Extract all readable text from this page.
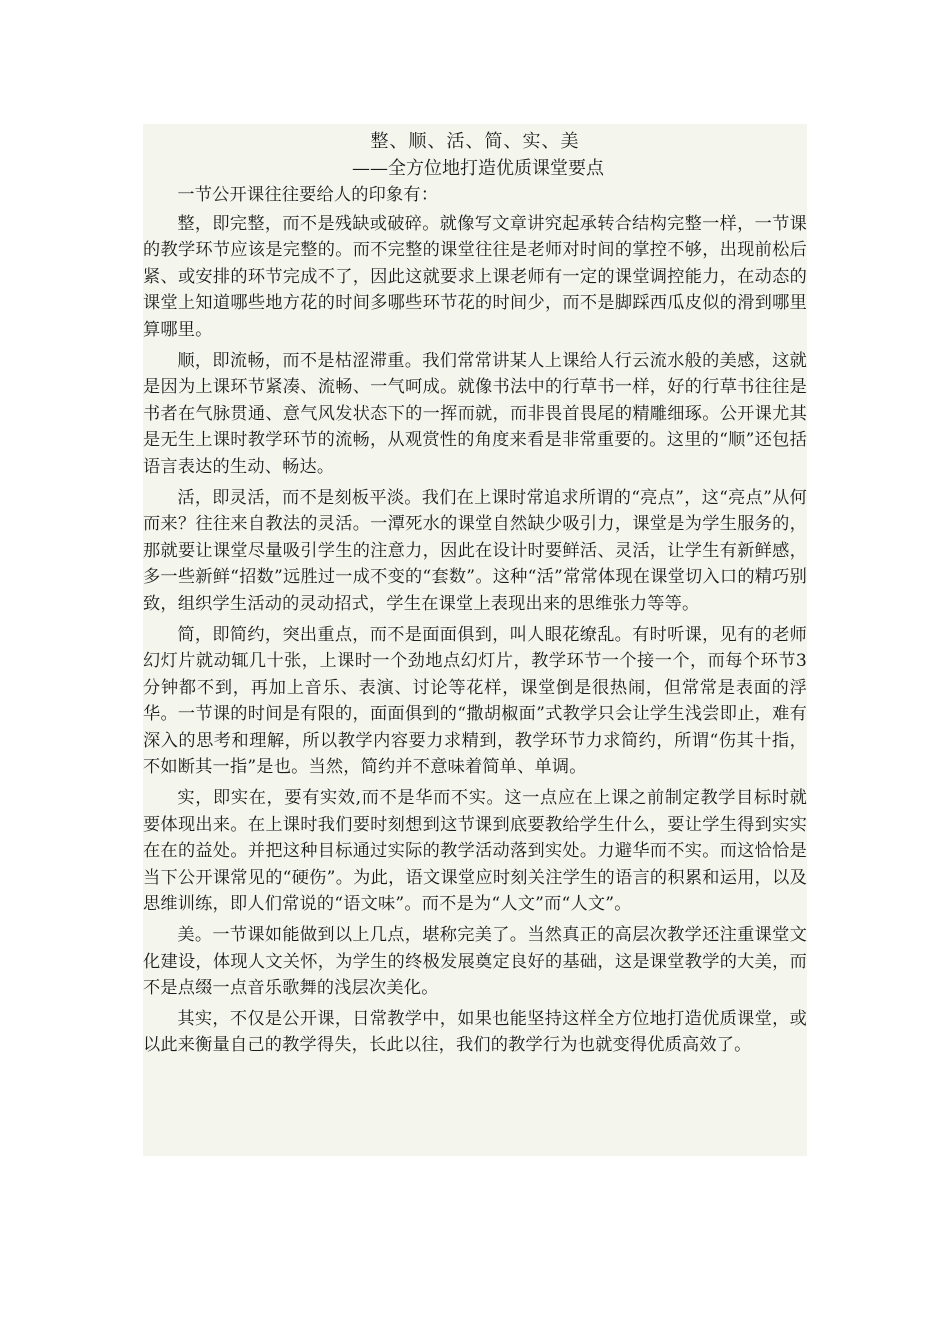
整、顺、活、简、实、美

——全方位地打造优质课堂要点

一节公开课往往要给人的印象有：

整，即完整，而不是残缺或破碎。就像写文章讲究起承转合结构完整一样，一节课的教学环节应该是完整的。而不完整的课堂往往是老师对时间的掌控不够，出现前松后紧、或安排的环节完成不了，因此这就要求上课老师有一定的课堂调控能力，在动态的课堂上知道哪些地方花的时间多哪些环节花的时间少，而不是脚踩西瓜皮似的滑到哪里算哪里。

顺，即流畅，而不是枯涩滞重。我们常常讲某人上课给人行云流水般的美感，这就是因为上课环节紧凑、流畅、一气呵成。就像书法中的行草书一样，好的行草书往往是书者在气脉贯通、意气风发状态下的一挥而就，而非畏首畏尾的精雕细琢。公开课尤其是无生上课时教学环节的流畅，从观赏性的角度来看是非常重要的。这里的“顺”还包括语言表达的生动、畅达。

活，即灵活，而不是刻板平淡。我们在上课时常追求所谓的“亮点”，这“亮点”从何而来？往往来自教法的灵活。一潭死水的课堂自然缺少吸引力，课堂是为学生服务的，那就要让课堂尽量吸引学生的注意力，因此在设计时要鲜活、灵活，让学生有新鲜感，多一些新鲜“招数”远胜过一成不变的“套数”。这种“活”常常体现在课堂切入口的精巧别致，组织学生活动的灵动招式，学生在课堂上表现出来的思维张力等等。

简，即简约，突出重点，而不是面面俱到，叫人眼花缭乱。有时听课，见有的老师幻灯片就动辄几十张，上课时一个劲地点幻灯片，教学环节一个接一个，而每个环节3分钟都不到，再加上音乐、表演、讨论等花样，课堂倒是很热闹，但常常是表面的浮华。一节课的时间是有限的，面面俱到的“撒胡椒面”式教学只会让学生浅尝即止，难有深入的思考和理解，所以教学内容要力求精到，教学环节力求简约，所谓“伤其十指，不如断其一指”是也。当然，简约并不意味着简单、单调。

实，即实在，要有实效,而不是华而不实。这一点应在上课之前制定教学目标时就要体现出来。在上课时我们要时刻想到这节课到底要教给学生什么，要让学生得到实实在在的益处。并把这种目标通过实际的教学活动落到实处。力避华而不实。而这恰恰是当下公开课常见的“硬伤”。为此，语文课堂应时刻关注学生的语言的积累和运用，以及思维训练，即人们常说的“语文味”。而不是为“人文”而“人文”。

美。一节课如能做到以上几点，堪称完美了。当然真正的高层次教学还注重课堂文化建设，体现人文关怀，为学生的终极发展奠定良好的基础，这是课堂教学的大美，而不是点缀一点音乐歌舞的浅层次美化。

其实，不仅是公开课，日常教学中，如果也能坚持这样全方位地打造优质课堂，或以此来衡量自己的教学得失，长此以往，我们的教学行为也就变得优质高效了。
